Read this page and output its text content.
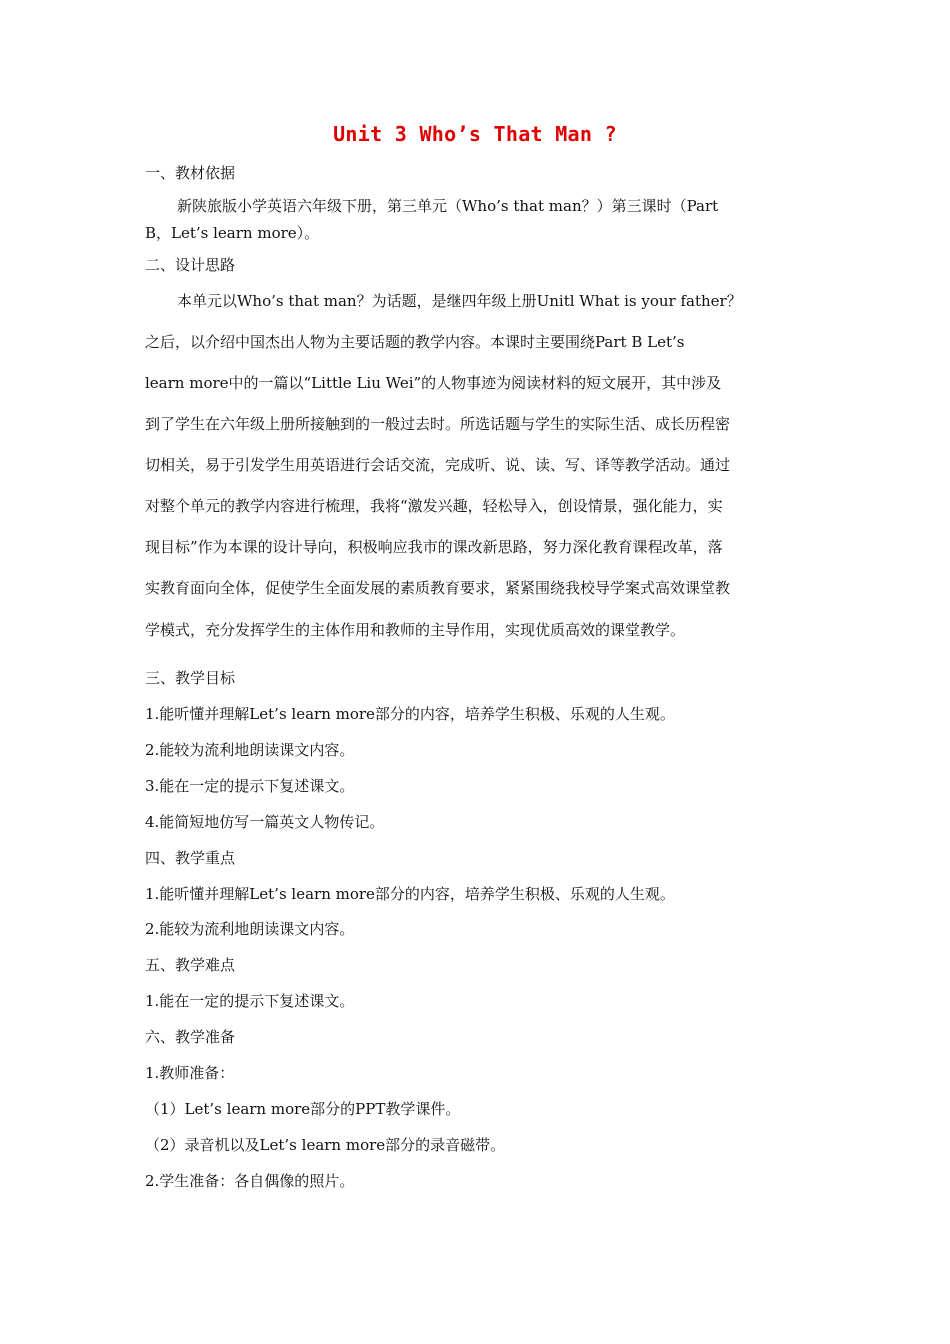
Unit 3 Who’s That Man ?
一、教材依据
新陕旅版小学英语六年级下册，第三单元（Who’s that man？）第三课时（Part
B，Let’s learn more）。
二、设计思路
本单元以Who’s that man？为话题，是继四年级上册Unitl What is your father？
之后，以介绍中国杰出人物为主要话题的教学内容。本课时主要围绕Part B Let’s
learn more中的一篇以“Little Liu Wei”的人物事迹为阅读材料的短文展开，其中涉及
到了学生在六年级上册所接触到的一般过去时。所选话题与学生的实际生活、成长历程密
切相关，易于引发学生用英语进行会话交流，完成听、说、读、写、译等教学活动。通过
对整个单元的教学内容进行梳理，我将“激发兴趣，轻松导入，创设情景，强化能力，实
现目标”作为本课的设计导向，积极响应我市的课改新思路，努力深化教育课程改革，落
实教育面向全体，促使学生全面发展的素质教育要求，紧紧围绕我校导学案式高效课堂教
学模式，充分发挥学生的主体作用和教师的主导作用，实现优质高效的课堂教学。
三、教学目标
1.能听懂并理解Let’s learn more部分的内容，培养学生积极、乐观的人生观。
2.能较为流利地朗读课文内容。
3.能在一定的提示下复述课文。
4.能简短地仿写一篇英文人物传记。
四、教学重点
1.能听懂并理解Let’s learn more部分的内容，培养学生积极、乐观的人生观。
2.能较为流利地朗读课文内容。
五、教学难点
1.能在一定的提示下复述课文。
六、教学准备
1.教师准备：
（1）Let’s learn more部分的PPT教学课件。
（2）录音机以及Let’s learn more部分的录音磁带。
2.学生准备：各自偶像的照片。
